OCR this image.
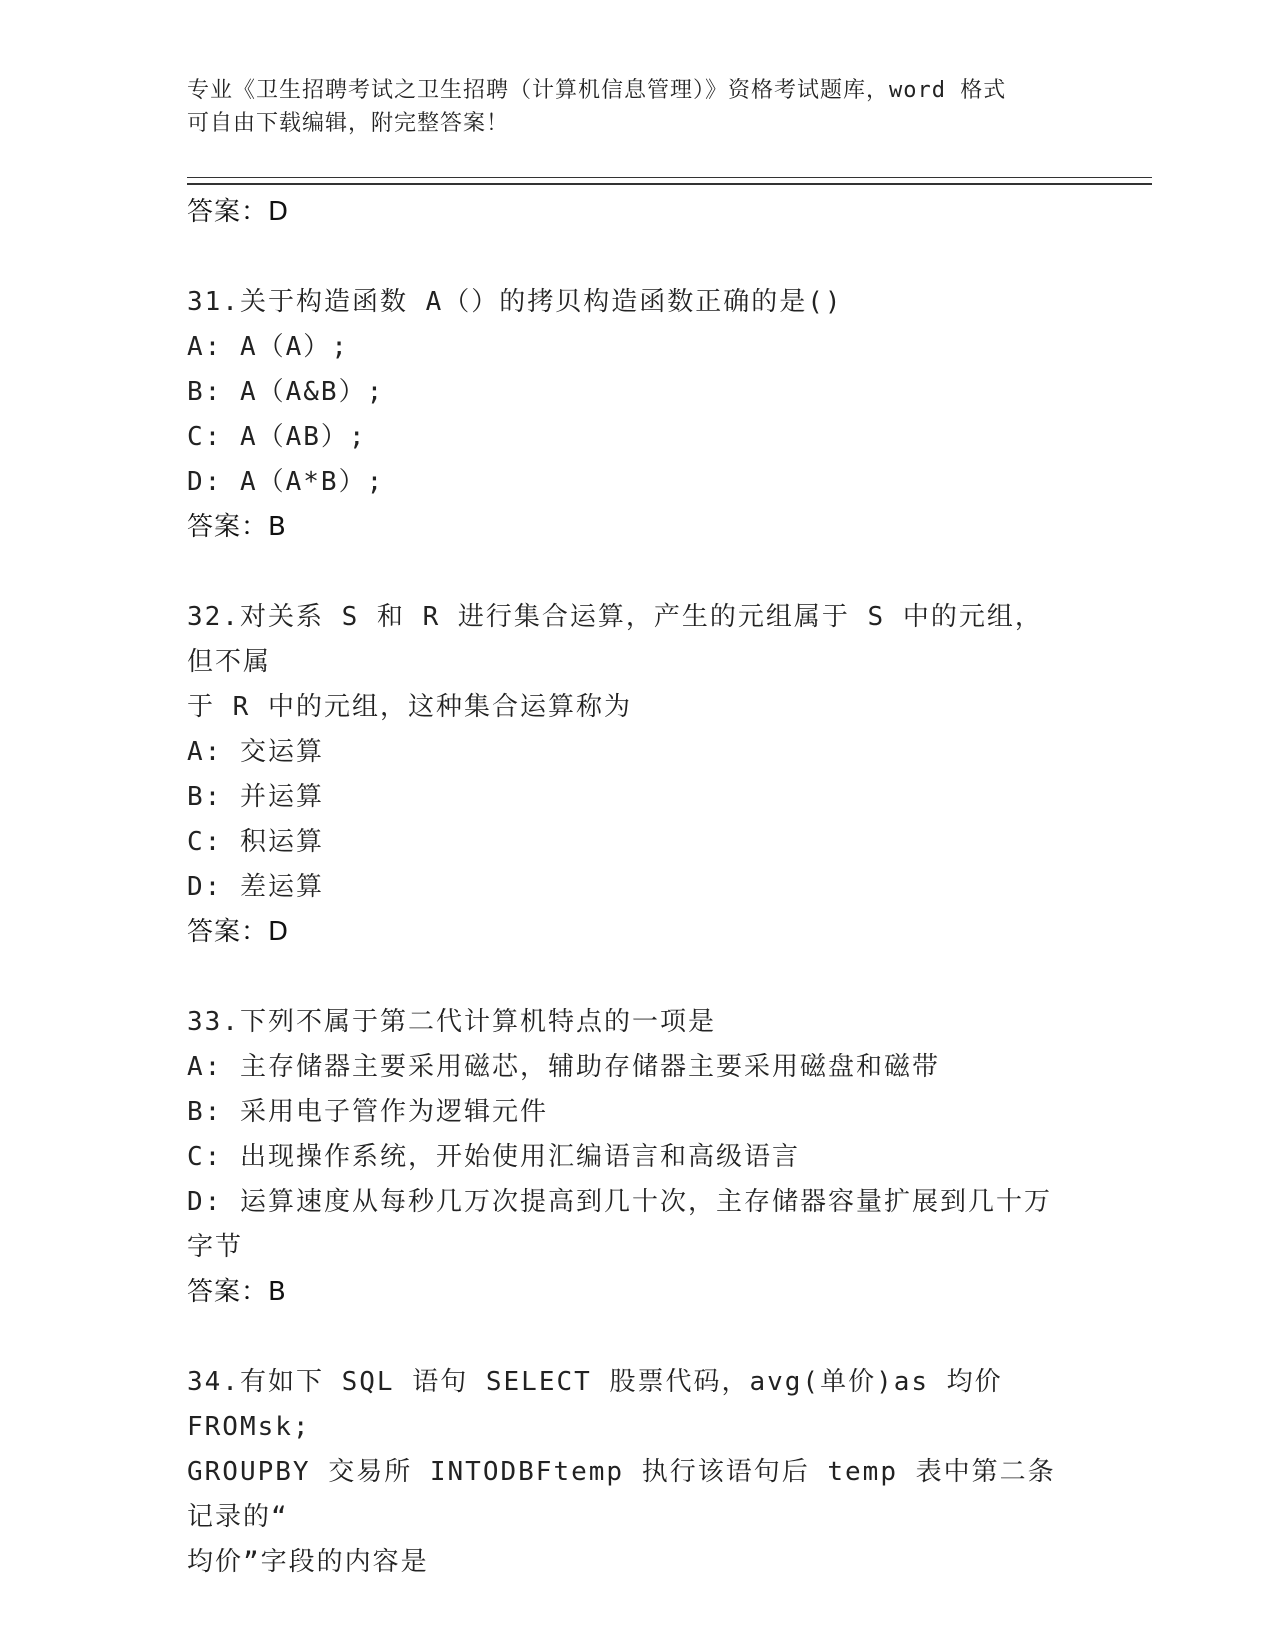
专业《卫生招聘考试之卫生招聘（计算机信息管理）》资格考试题库，word 格式
可自由下载编辑，附完整答案！
答案：D
31.关于构造函数 A（）的拷贝构造函数正确的是()
A: A（A）;
B: A（A&B）;
C: A（AB）;
D: A（A*B）;
答案：B
32.对关系 S 和 R 进行集合运算，产生的元组属于 S 中的元组，但不属
于 R 中的元组，这种集合运算称为
A: 交运算
B: 并运算
C: 积运算
D: 差运算
答案：D
33.下列不属于第二代计算机特点的一项是
A: 主存储器主要采用磁芯，辅助存储器主要采用磁盘和磁带
B: 采用电子管作为逻辑元件
C: 出现操作系统，开始使用汇编语言和高级语言
D: 运算速度从每秒几万次提高到几十次，主存储器容量扩展到几十万
字节
答案：B
34.有如下 SQL 语句 SELECT 股票代码，avg(单价)as 均价 FROMsk;
GROUPBY 交易所 INTODBFtemp 执行该语句后 temp 表中第二条记录的“
均价”字段的内容是
